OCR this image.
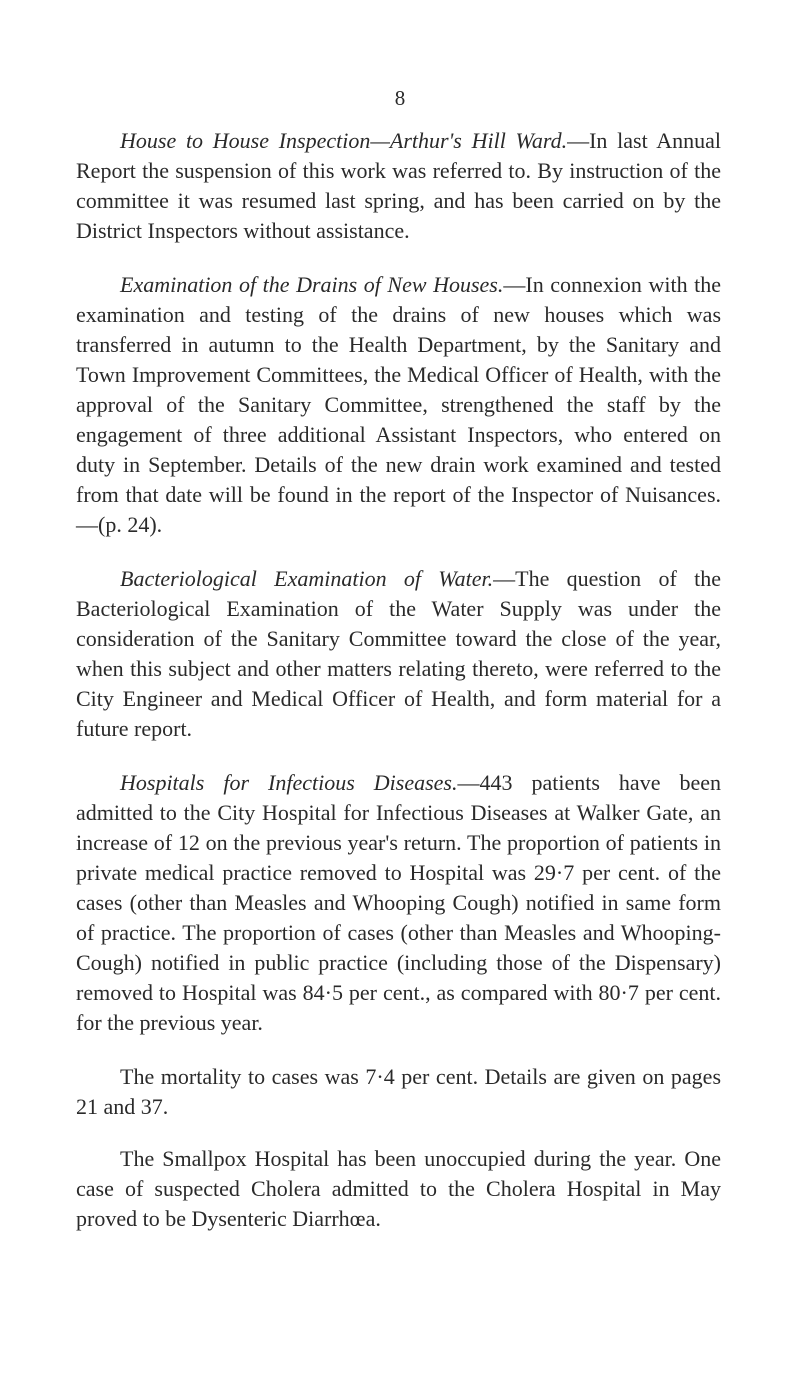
8

House to House Inspection—Arthur's Hill Ward.—In last Annual Report the suspension of this work was referred to. By instruction of the committee it was resumed last spring, and has been carried on by the District Inspectors without assistance.

Examination of the Drains of New Houses.—In connexion with the examination and testing of the drains of new houses which was transferred in autumn to the Health Department, by the Sanitary and Town Improvement Committees, the Medical Officer of Health, with the approval of the Sanitary Committee, strengthened the staff by the engagement of three additional Assistant Inspectors, who entered on duty in September. Details of the new drain work examined and tested from that date will be found in the report of the Inspector of Nuisances.—(p. 24).

Bacteriological Examination of Water.—The question of the Bacteriological Examination of the Water Supply was under the consideration of the Sanitary Committee toward the close of the year, when this subject and other matters relating thereto, were referred to the City Engineer and Medical Officer of Health, and form material for a future report.

Hospitals for Infectious Diseases.—443 patients have been admitted to the City Hospital for Infectious Diseases at Walker Gate, an increase of 12 on the previous year's return. The proportion of patients in private medical practice removed to Hospital was 29·7 per cent. of the cases (other than Measles and Whooping Cough) notified in same form of practice. The proportion of cases (other than Measles and Whooping-Cough) notified in public practice (including those of the Dispensary) removed to Hospital was 84·5 per cent., as compared with 80·7 per cent. for the previous year.

The mortality to cases was 7·4 per cent. Details are given on pages 21 and 37.

The Smallpox Hospital has been unoccupied during the year. One case of suspected Cholera admitted to the Cholera Hospital in May proved to be Dysenteric Diarrhœa.
